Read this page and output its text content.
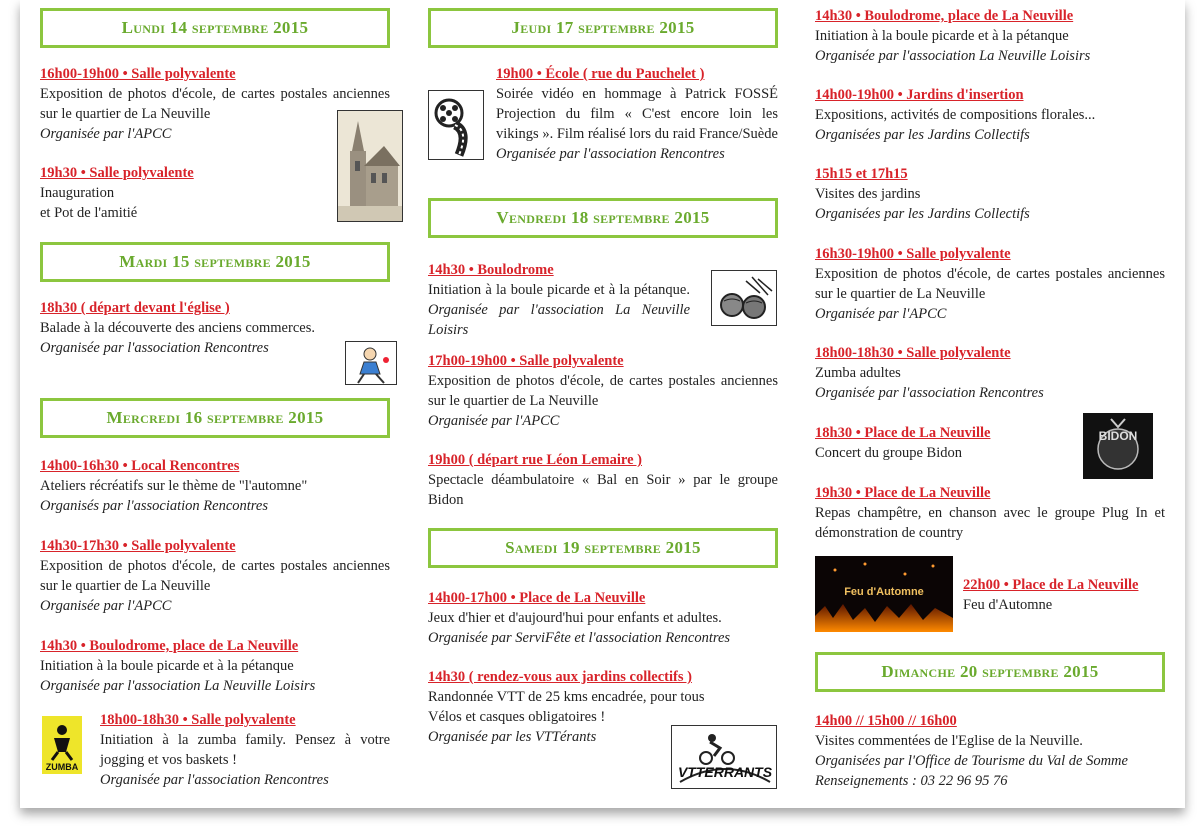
Lundi 14 septembre 2015
16h00-19h00 • Salle polyvalente
Exposition de photos d'école, de cartes postales anciennes sur le quartier de La Neuville
Organisée par l'APCC
19h30 • Salle polyvalente
Inauguration
et Pot de l'amitié
Mardi 15 septembre 2015
18h30 ( départ devant l'église )
Balade à la découverte des anciens commerces.
Organisée par l'association Rencontres
Mercredi 16 septembre 2015
14h00-16h30 • Local Rencontres
Ateliers récréatifs sur le thème de "l'automne"
Organisés par l'association Rencontres
14h30-17h30 • Salle polyvalente
Exposition de photos d'école, de cartes postales anciennes sur le quartier de La Neuville
Organisée par l'APCC
14h30 • Boulodrome, place de La Neuville
Initiation à la boule picarde et à la pétanque
Organisée par l'association La Neuville Loisirs
ZUMBA
18h00-18h30 • Salle polyvalente
Initiation à la zumba family. Pensez à votre jogging et vos baskets !
Organisée par l'association Rencontres
Jeudi 17 septembre 2015
19h00 • École ( rue du Pauchelet )
Soirée vidéo en hommage à Patrick FOSSÉ Projection du film « C'est encore loin les vikings ». Film réalisé lors du raid France/Suède
Organisée par l'association Rencontres
Vendredi 18 septembre 2015
14h30 • Boulodrome
Initiation à la boule picarde et à la pétanque. Organisée par l'association La Neuville Loisirs
17h00-19h00 • Salle polyvalente
Exposition de photos d'école, de cartes postales anciennes sur le quartier de La Neuville
Organisée par l'APCC
19h00 ( départ rue Léon Lemaire )
Spectacle déambulatoire « Bal en Soir » par le groupe Bidon
Samedi 19 septembre 2015
14h00-17h00 • Place de La Neuville
Jeux d'hier et d'aujourd'hui pour enfants et adultes.
Organisée par ServiFête et l'association Rencontres
14h30 ( rendez-vous aux jardins collectifs )
Randonnée VTT de 25 kms encadrée, pour tous
Vélos et casques obligatoires !
Organisée par les VTTérants
VTTERRANTS
14h30 • Boulodrome, place de La Neuville
Initiation à la boule picarde et à la pétanque
Organisée par l'association La Neuville Loisirs
14h00-19h00 • Jardins d'insertion
Expositions, activités de compositions florales...
Organisées par les Jardins Collectifs
15h15 et 17h15
Visites des jardins
Organisées par les Jardins Collectifs
16h30-19h00 • Salle polyvalente
Exposition de photos d'école, de cartes postales anciennes sur le quartier de La Neuville
Organisée par l'APCC
18h00-18h30 • Salle polyvalente
Zumba adultes
Organisée par l'association Rencontres
18h30 • Place de La Neuville
Concert du groupe Bidon
BIDON
19h30 • Place de La Neuville
Repas champêtre, en chanson avec le groupe Plug In et démonstration de country
Feu d'Automne	22h00 • Place de La Neuville
Feu d'Automne
Dimanche 20 septembre 2015
14h00 // 15h00 // 16h00
Visites commentées de l'Eglise de la Neuville.
Organisées par l'Office de Tourisme du Val de Somme
Renseignements : 03 22 96 95 76
